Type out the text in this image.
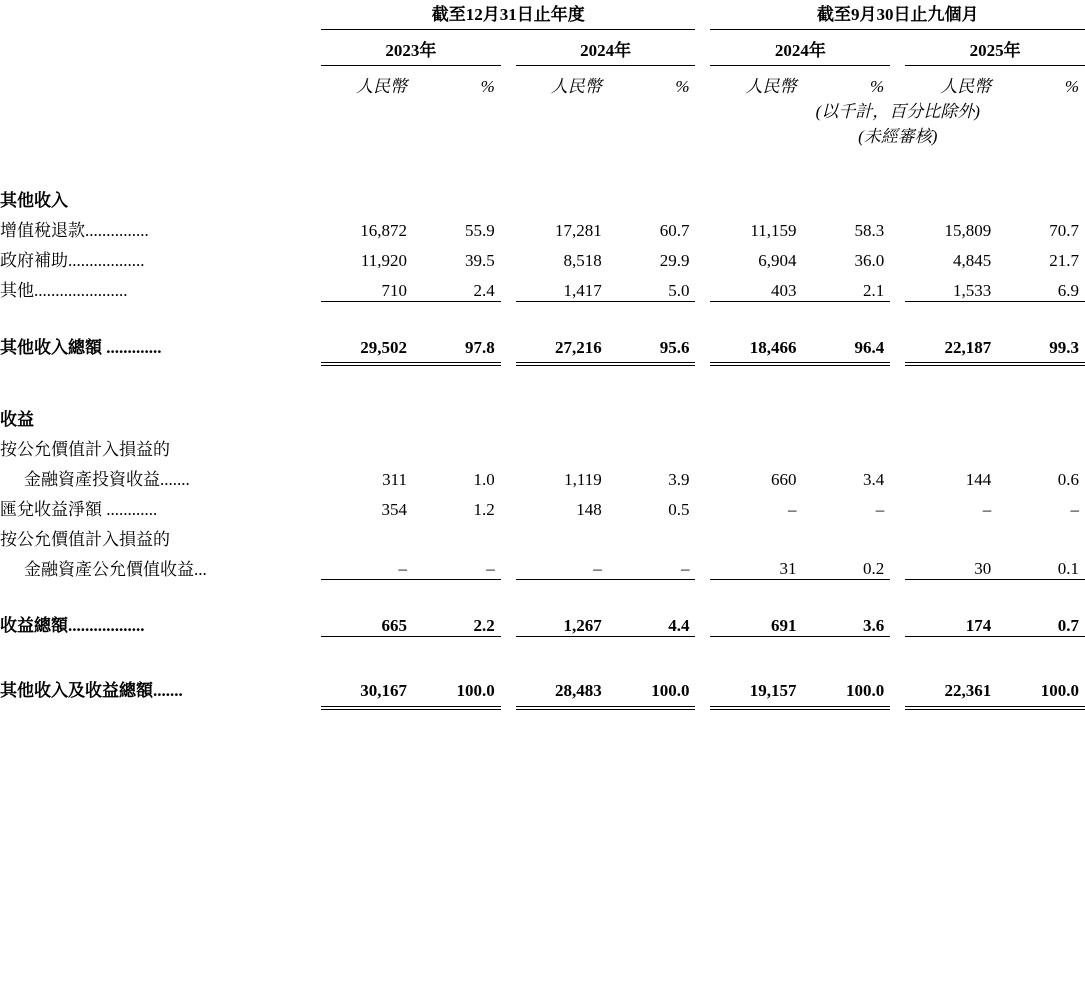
	截至12月31日止年度						截至9月30日止九個月				
	2023年			2024年			2024年			2025年	
	人民幣	%		人民幣	%		人民幣	%		人民幣	%
							(以千計，百分比除外)				
							(未經審核)				

其他收入											
增值稅退款...............	16,872	55.9		17,281	60.7		11,159	58.3		15,809	70.7
政府補助..................	11,920	39.5		8,518	29.9		6,904	36.0		4,845	21.7
其他......................	710	2.4		1,417	5.0		403	2.1		1,533	6.9

其他收入總額 .............	29,502	97.8		27,216	95.6		18,466	96.4		22,187	99.3

收益											
按公允價值計入損益的											
金融資產投資收益.......	311	1.0		1,119	3.9		660	3.4		144	0.6
匯兌收益淨額 ............	354	1.2		148	0.5		–	–		–	–
按公允價值計入損益的											
金融資產公允價值收益...	–	–		–	–		31	0.2		30	0.1

收益總額..................	665	2.2		1,267	4.4		691	3.6		174	0.7

其他收入及收益總額.......	30,167	100.0		28,483	100.0		19,157	100.0		22,361	100.0
